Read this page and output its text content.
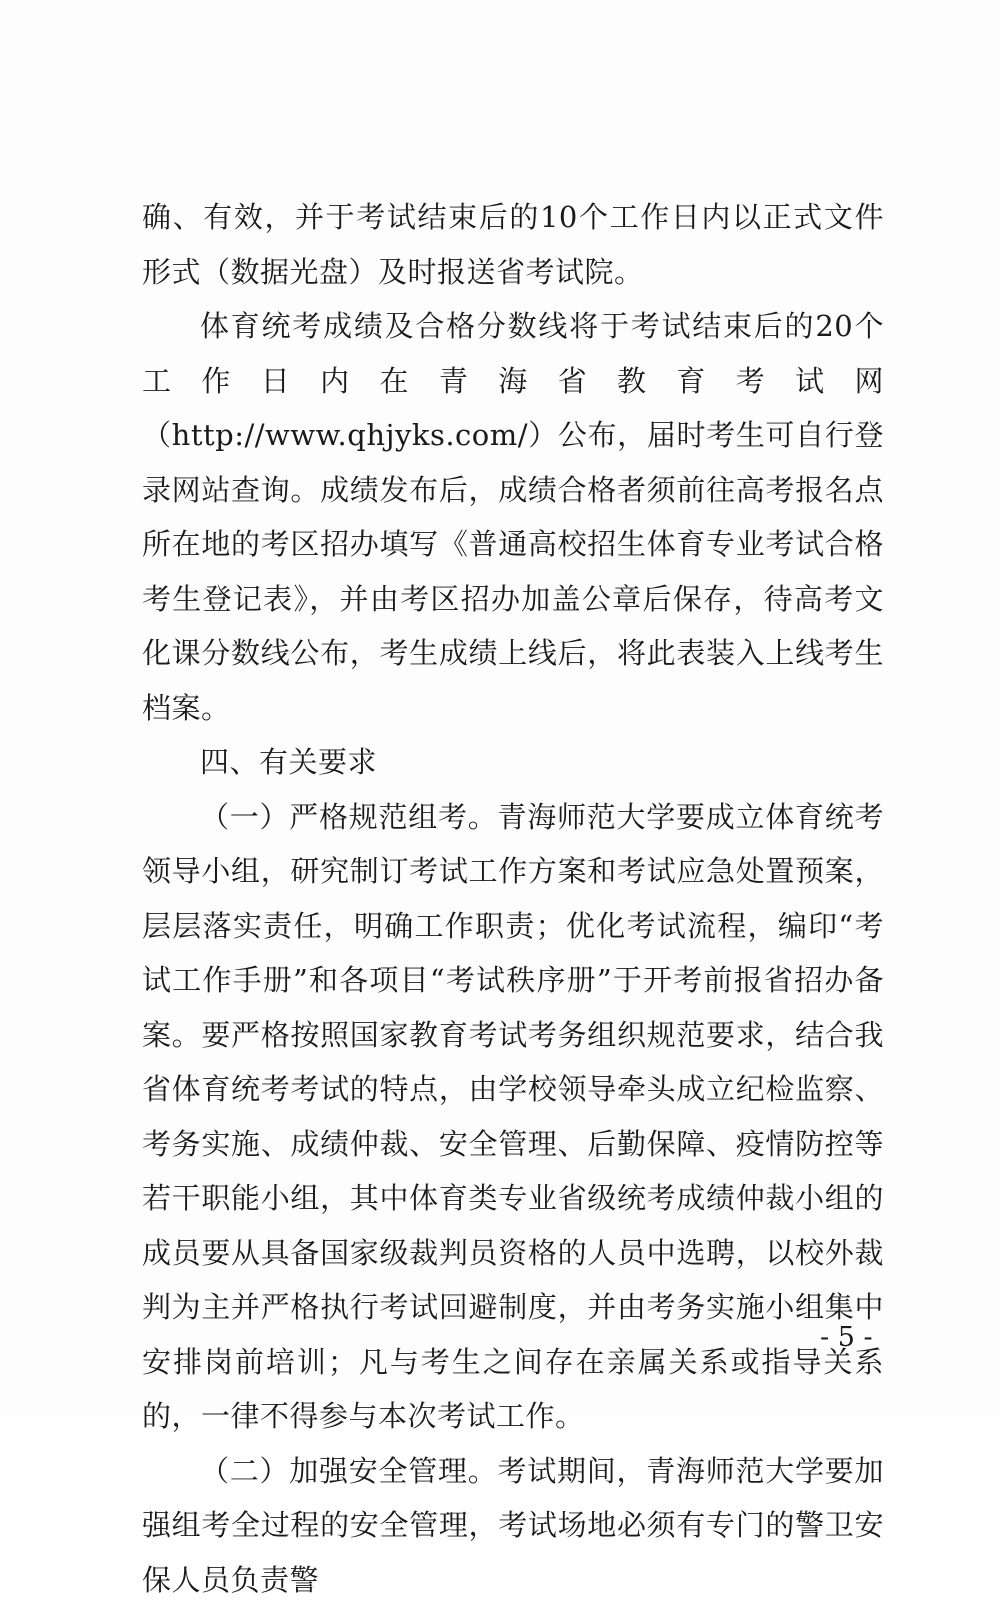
确、有效，并于考试结束后的10个工作日内以正式文件形式（数据光盘）及时报送省考试院。

体育统考成绩及合格分数线将于考试结束后的20个工作日内在青海省教育考试网（http://www.qhjyks.com/）公布，届时考生可自行登录网站查询。成绩发布后，成绩合格者须前往高考报名点所在地的考区招办填写《普通高校招生体育专业考试合格考生登记表》，并由考区招办加盖公章后保存，待高考文化课分数线公布，考生成绩上线后，将此表装入上线考生档案。

四、有关要求

（一）严格规范组考。青海师范大学要成立体育统考领导小组，研究制订考试工作方案和考试应急处置预案，层层落实责任，明确工作职责；优化考试流程，编印“考试工作手册”和各项目“考试秩序册”于开考前报省招办备案。要严格按照国家教育考试考务组织规范要求，结合我省体育统考考试的特点，由学校领导牵头成立纪检监察、考务实施、成绩仲裁、安全管理、后勤保障、疫情防控等若干职能小组，其中体育类专业省级统考成绩仲裁小组的成员要从具备国家级裁判员资格的人员中选聘，以校外裁判为主并严格执行考试回避制度，并由考务实施小组集中安排岗前培训；凡与考生之间存在亲属关系或指导关系的，一律不得参与本次考试工作。

（二）加强安全管理。考试期间，青海师范大学要加强组考全过程的安全管理，考试场地必须有专门的警卫安保人员负责警

- 5 -
